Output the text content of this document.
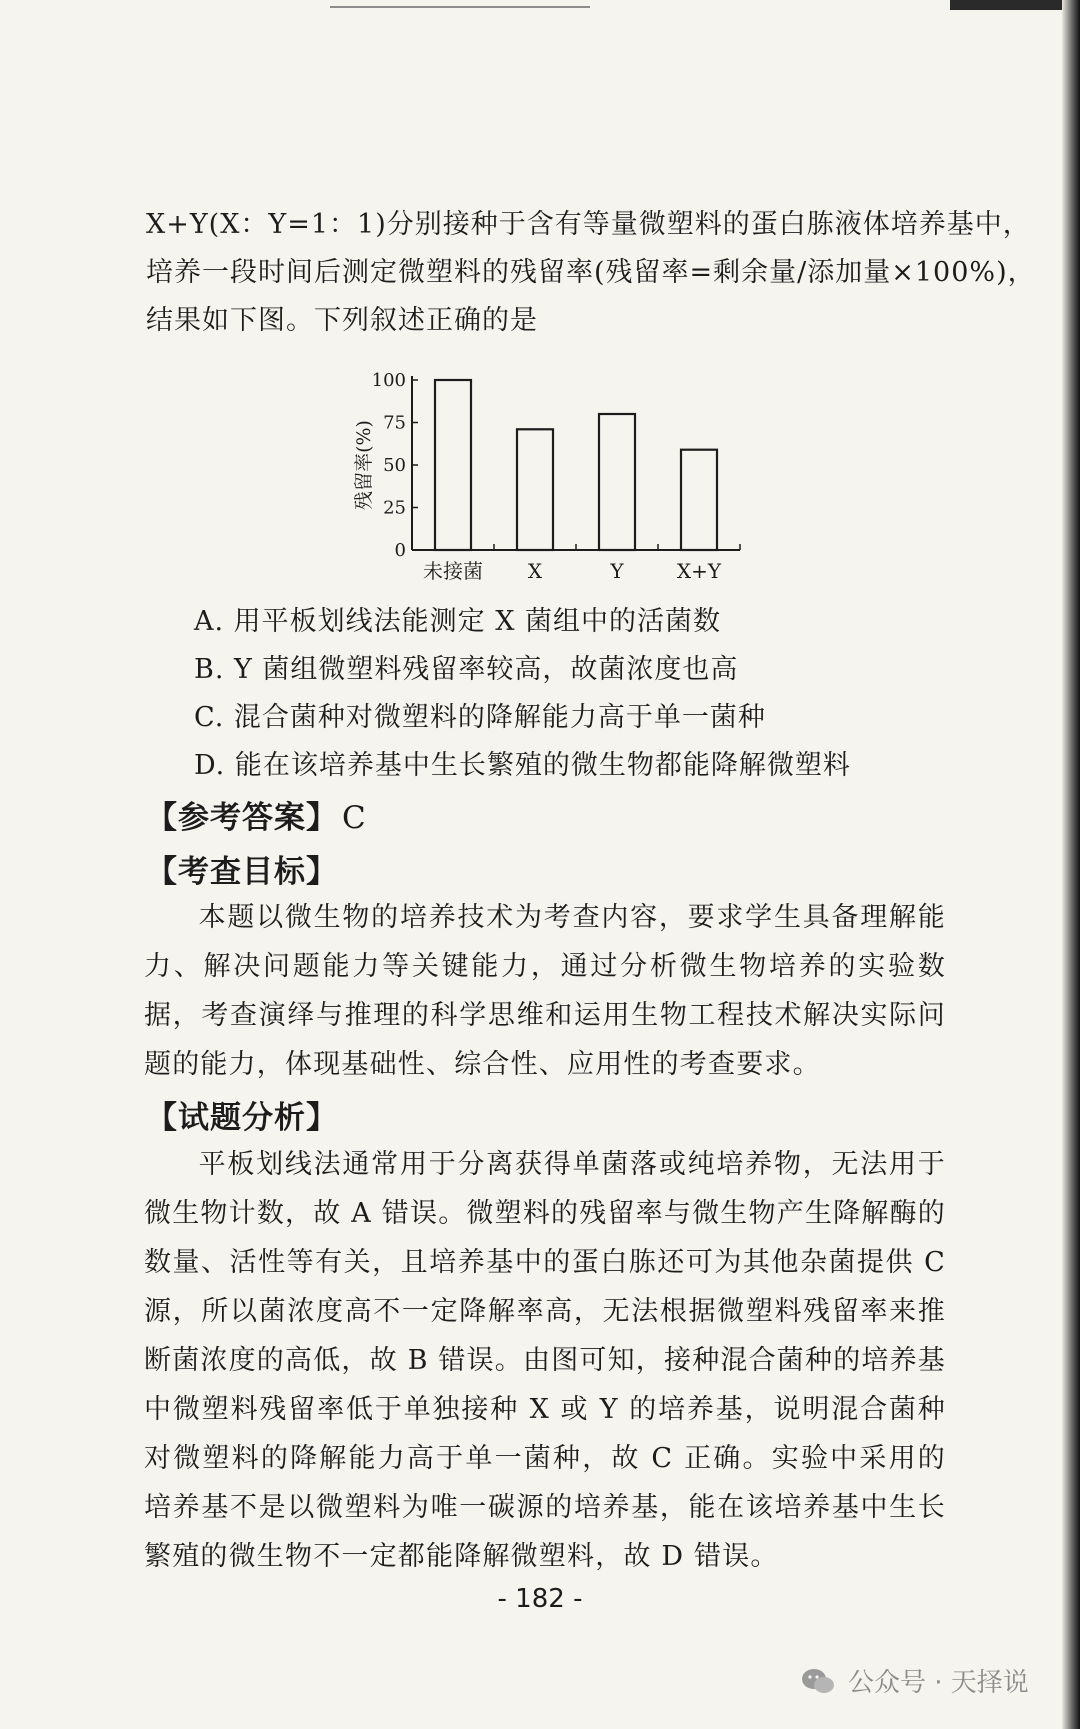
X+Y(X：Y=1：1)分别接种于含有等量微塑料的蛋白胨液体培养基中，
培养一段时间后测定微塑料的残留率(残留率=剩余量/添加量×100%)，
结果如下图。下列叙述正确的是
0
25
50
75
100
残留率(%)
未接菌 X	Y	X+Y
A. 用平板划线法能测定 X 菌组中的活菌数
B. Y 菌组微塑料残留率较高，故菌浓度也高
C. 混合菌种对微塑料的降解能力高于单一菌种
D. 能在该培养基中生长繁殖的微生物都能降解微塑料
【参考答案】 C
【考查目标】

本题以微生物的培养技术为考查内容，要求学生具备理解能力、解决问题能力等关键能力，通过分析微生物培养的实验数据，考查演绎与推理的科学思维和运用生物工程技术解决实际问题的能力，体现基础性、综合性、应用性的考查要求。

【试题分析】

平板划线法通常用于分离获得单菌落或纯培养物，无法用于微生物计数，故 A 错误。微塑料的残留率与微生物产生降解酶的数量、活性等有关，且培养基中的蛋白胨还可为其他杂菌提供 C 源，所以菌浓度高不一定降解率高，无法根据微塑料残留率来推断菌浓度的高低，故 B 错误。由图可知，接种混合菌种的培养基中微塑料残留率低于单独接种 X 或 Y 的培养基，说明混合菌种对微塑料的降解能力高于单一菌种，故 C 正确。实验中采用的培养基不是以微塑料为唯一碳源的培养基，能在该培养基中生长繁殖的微生物不一定都能降解微塑料，故 D 错误。

- 182 -
公众号 · 天择说
